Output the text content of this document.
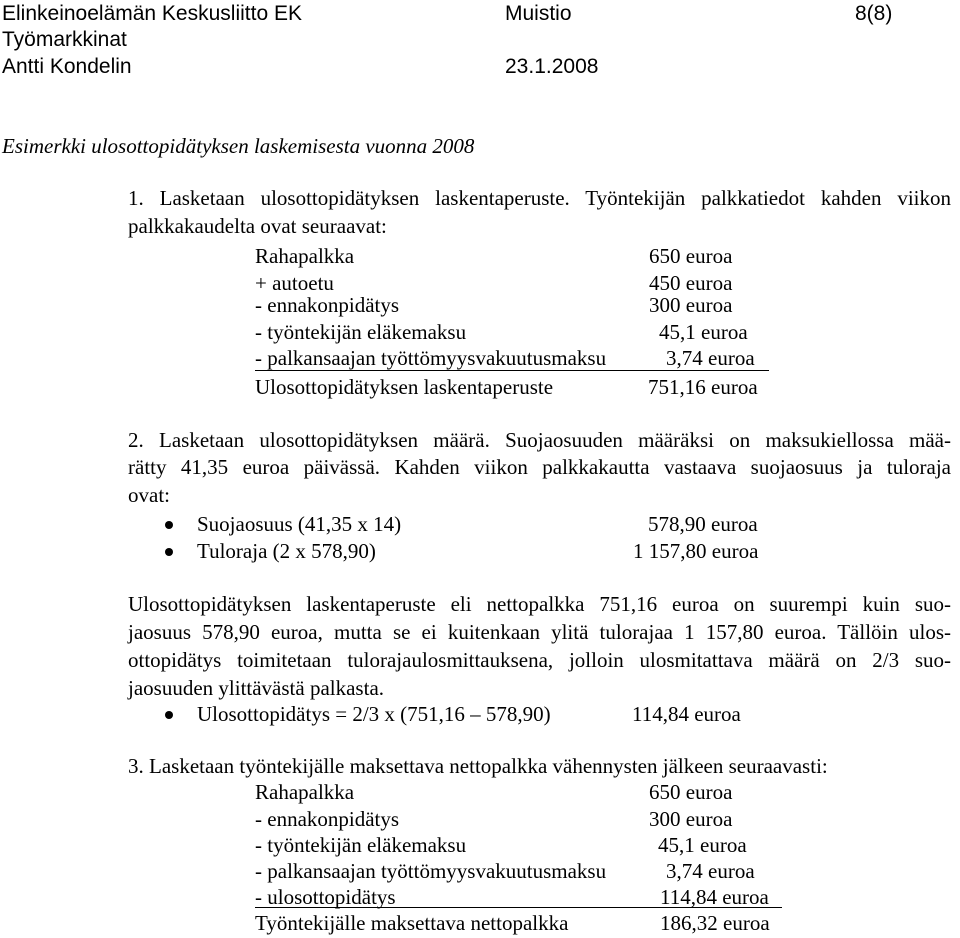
Elinkeinoelämän Keskusliitto EK	Muistio	8(8)
Työmarkkinat
Antti Kondelin	23.1.2008
Esimerkki ulosottopidätyksen laskemisesta vuonna 2008
1. Lasketaan ulosottopidätyksen laskentaperuste. Työntekijän palkkatiedot kahden viikon
palkkakaudelta ovat seuraavat:
Rahapalkka	650 euroa
+ autoetu	450 euroa
- ennakonpidätys	300 euroa
- työntekijän eläkemaksu	45,1 euroa
- palkansaajan työttömyysvakuutusmaksu	3,74 euroa
Ulosottopidätyksen laskentaperuste	751,16 euroa
2. Lasketaan ulosottopidätyksen määrä. Suojaosuuden määräksi on maksukiellossa mää-
rätty 41,35 euroa päivässä. Kahden viikon palkkakautta vastaava suojaosuus ja tuloraja
ovat:
Suojaosuus (41,35 x 14)	578,90 euroa
Tuloraja (2 x 578,90)	1 157,80 euroa
Ulosottopidätyksen laskentaperuste eli nettopalkka 751,16 euroa on suurempi kuin suo-
jaosuus 578,90 euroa, mutta se ei kuitenkaan ylitä tulorajaa 1 157,80 euroa. Tällöin ulos-
ottopidätys toimitetaan tulorajaulosmittauksena, jolloin ulosmitattava määrä on 2/3 suo-
jaosuuden ylittävästä palkasta.
Ulosottopidätys = 2/3 x (751,16 – 578,90)	114,84 euroa
3. Lasketaan työntekijälle maksettava nettopalkka vähennysten jälkeen seuraavasti:
Rahapalkka	650 euroa
- ennakonpidätys	300 euroa
- työntekijän eläkemaksu	45,1 euroa
- palkansaajan työttömyysvakuutusmaksu	3,74 euroa
- ulosottopidätys	114,84 euroa
Työntekijälle maksettava nettopalkka	186,32 euroa
